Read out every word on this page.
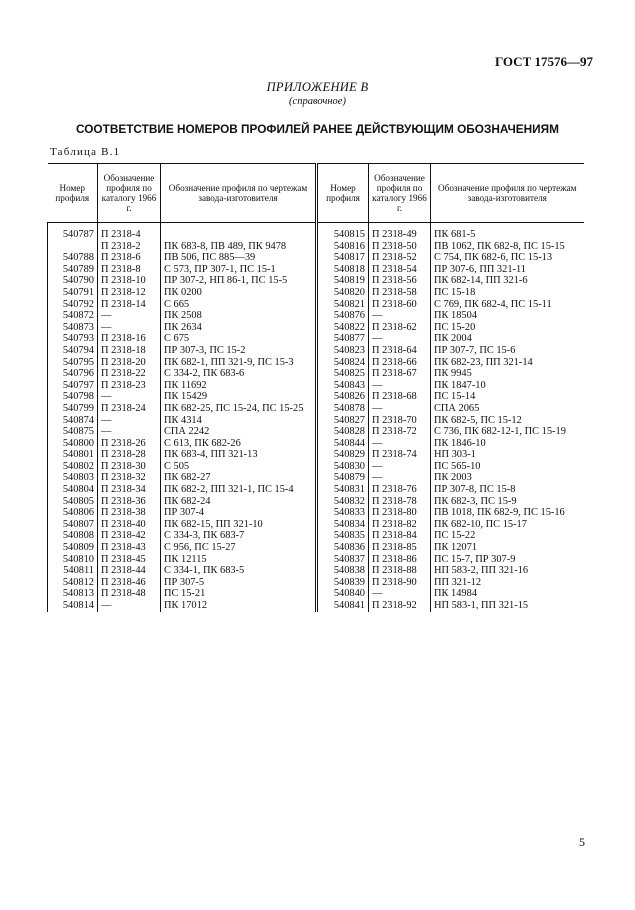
ГОСТ 17576—97
ПРИЛОЖЕНИЕ В
(справочное)
СООТВЕТСТВИЕ НОМЕРОВ ПРОФИЛЕЙ РАНЕЕ ДЕЙСТВУЮЩИМ ОБОЗНАЧЕНИЯМ
Таблица В.1
Номер профиля	Обозначение профиля по каталогу 1966 г.	Обозначение профиля по чертежам завода-изготовителя	Номер профиля	Обозначение профиля по каталогу 1966 г.	Обозначение профиля по чертежам завода-изготовителя
540787	П 2318-4		540815	П 2318-49	ПК 681-5
	П 2318-2	ПК 683-8, ПВ 489, ПК 9478	540816	П 2318-50	ПВ 1062, ПК 682-8, ПС 15-15
540788	П 2318-6	ПВ 506, ПС 885—39	540817	П 2318-52	С 754, ПК 682-6, ПС 15-13
540789	П 2318-8	С 573, ПР 307-1, ПС 15-1	540818	П 2318-54	ПР 307-6, ПП 321-11
540790	П 2318-10	ПР 307-2, НП 86-1, ПС 15-5	540819	П 2318-56	ПК 682-14, ПП 321-6
540791	П 2318-12	ПК 0200	540820	П 2318-58	ПС 15-18
540792	П 2318-14	С 665	540821	П 2318-60	С 769, ПК 682-4, ПС 15-11
540872	—	ПК 2508	540876	—	ПК 18504
540873	—	ПК 2634	540822	П 2318-62	ПС 15-20
540793	П 2318-16	С 675	540877	—	ПК 2004
540794	П 2318-18	ПР 307-3, ПС 15-2	540823	П 2318-64	ПР 307-7, ПС 15-6
540795	П 2318-20	ПК 682-1, ПП 321-9, ПС 15-3	540824	П 2318-66	ПК 682-23, ПП 321-14
540796	П 2318-22	С 334-2, ПК 683-6	540825	П 2318-67	ПК 9945
540797	П 2318-23	ПК 11692	540843	—	ПК 1847-10
540798	—	ПК 15429	540826	П 2318-68	ПС 15-14
540799	П 2318-24	ПК 682-25, ПС 15-24, ПС 15-25	540878	—	СПА 2065
540874	—	ПК 4314	540827	П 2318-70	ПК 682-5, ПС 15-12
540875	—	СПА 2242	540828	П 2318-72	С 736, ПК 682-12-1, ПС 15-19
540800	П 2318-26	С 613, ПК 682-26	540844	—	ПК 1846-10
540801	П 2318-28	ПК 683-4, ПП 321-13	540829	П 2318-74	НП 303-1
540802	П 2318-30	С 505	540830	—	ПС 565-10
540803	П 2318-32	ПК 682-27	540879	—	ПК 2003
540804	П 2318-34	ПК 682-2, ПП 321-1, ПС 15-4	540831	П 2318-76	ПР 307-8, ПС 15-8
540805	П 2318-36	ПК 682-24	540832	П 2318-78	ПК 682-3, ПС 15-9
540806	П 2318-38	ПР 307-4	540833	П 2318-80	ПВ 1018, ПК 682-9, ПС 15-16
540807	П 2318-40	ПК 682-15, ПП 321-10	540834	П 2318-82	ПК 682-10, ПС 15-17
540808	П 2318-42	С 334-3, ПК 683-7	540835	П 2318-84	ПС 15-22
540809	П 2318-43	С 956, ПС 15-27	540836	П 2318-85	ПК 12071
540810	П 2318-45	ПК 12115	540837	П 2318-86	ПС 15-7, ПР 307-9
540811	П 2318-44	С 334-1, ПК 683-5	540838	П 2318-88	НП 583-2, ПП 321-16
540812	П 2318-46	ПР 307-5	540839	П 2318-90	ПП 321-12
540813	П 2318-48	ПС 15-21	540840	—	ПК 14984
540814	—	ПК 17012	540841	П 2318-92	НП 583-1, ПП 321-15
5
